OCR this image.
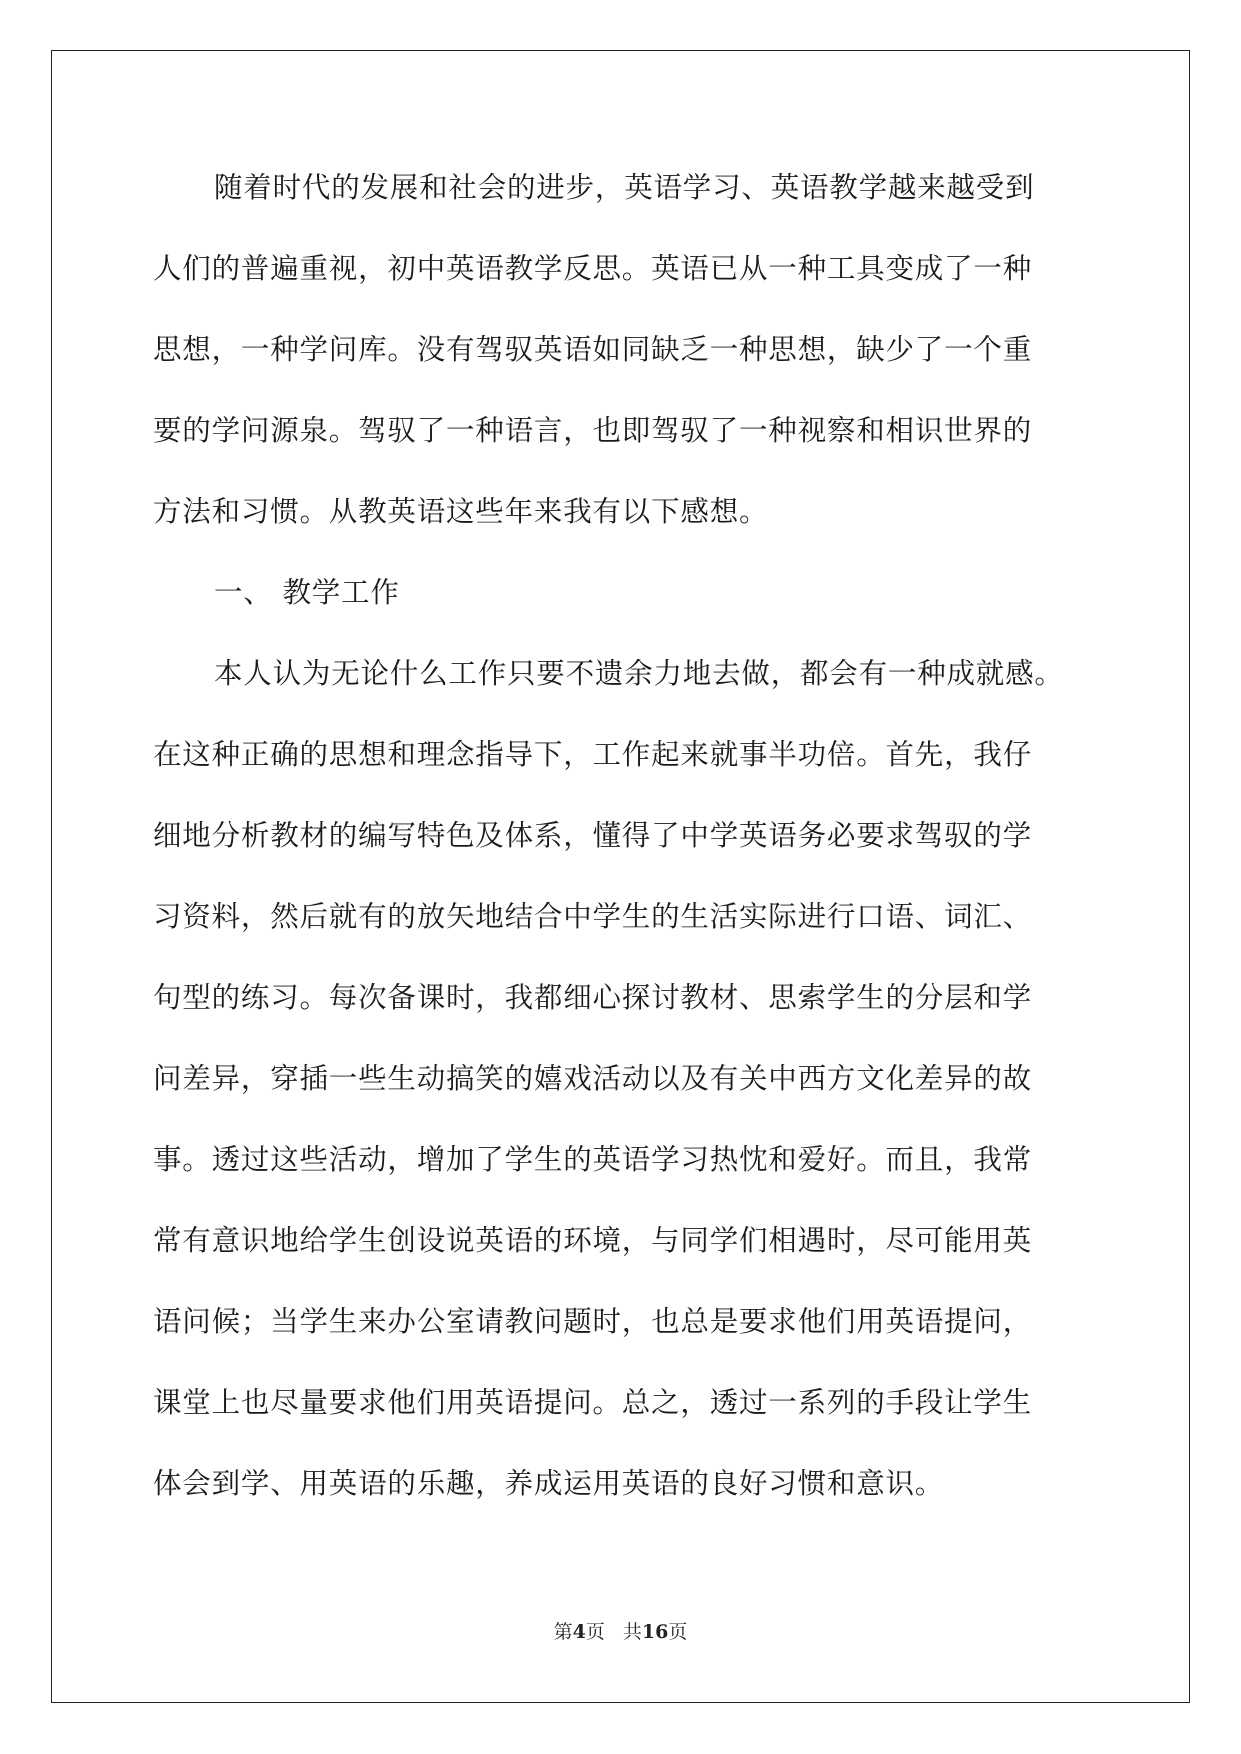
随着时代的发展和社会的进步，英语学习、英语教学越来越受到
人们的普遍重视，初中英语教学反思。英语已从一种工具变成了一种
思想，一种学问库。没有驾驭英语如同缺乏一种思想，缺少了一个重
要的学问源泉。驾驭了一种语言，也即驾驭了一种视察和相识世界的
方法和习惯。从教英语这些年来我有以下感想。
一、 教学工作
本人认为无论什么工作只要不遗余力地去做，都会有一种成就感。
在这种正确的思想和理念指导下，工作起来就事半功倍。首先，我仔
细地分析教材的编写特色及体系，懂得了中学英语务必要求驾驭的学
习资料，然后就有的放矢地结合中学生的生活实际进行口语、词汇、
句型的练习。每次备课时，我都细心探讨教材、思索学生的分层和学
问差异，穿插一些生动搞笑的嬉戏活动以及有关中西方文化差异的故
事。透过这些活动，增加了学生的英语学习热忱和爱好。而且，我常
常有意识地给学生创设说英语的环境，与同学们相遇时，尽可能用英
语问候；当学生来办公室请教问题时，也总是要求他们用英语提问，
课堂上也尽量要求他们用英语提问。总之，透过一系列的手段让学生
体会到学、用英语的乐趣，养成运用英语的良好习惯和意识。
第4页 共16页
